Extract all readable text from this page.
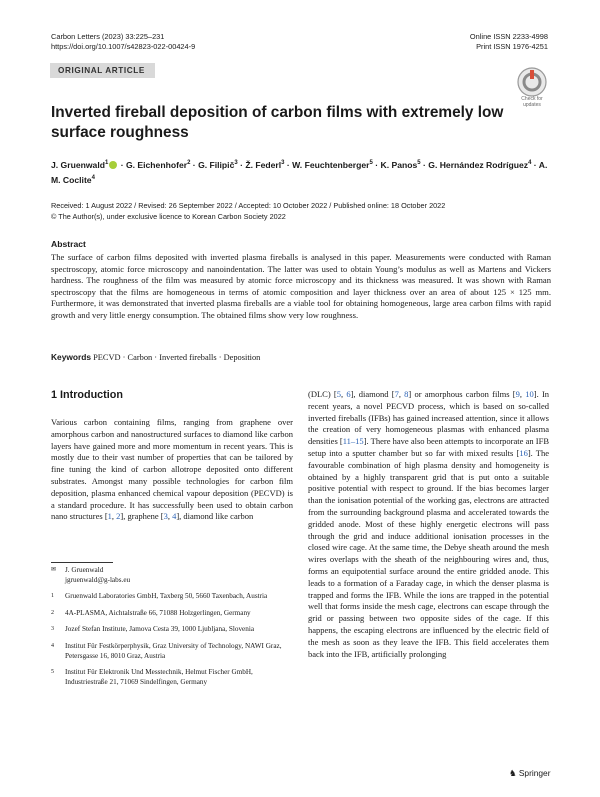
Carbon Letters (2023) 33:225–231
https://doi.org/10.1007/s42823-022-00424-9
Online ISSN 2233-4998
Print ISSN 1976-4251
ORIGINAL ARTICLE
Check for updates
Inverted fireball deposition of carbon films with extremely low surface roughness
J. Gruenwald$^1$ · G. Eichenhofer$^2$ · G. Filipič$^3$ · Ž. Federl$^3$ · W. Feuchtenberger$^5$ · K. Panos$^5$ · G. Hernández Rodríguez$^4$ · A. M. Coclite$^4$
Received: 1 August 2022 / Revised: 26 September 2022 / Accepted: 10 October 2022 / Published online: 18 October 2022
© The Author(s), under exclusive licence to Korean Carbon Society 2022
Abstract
The surface of carbon films deposited with inverted plasma fireballs is analysed in this paper. Measurements were conducted with Raman spectroscopy, atomic force microscopy and nanoindentation. The latter was used to obtain Young’s modulus as well as Martens and Vickers hardness. The roughness of the film was measured by atomic force microscopy and its thickness was measured. It was shown with Raman spectroscopy that the films are homogeneous in terms of atomic composition and layer thickness over an area of about 125 × 125 mm. Furthermore, it was demonstrated that inverted plasma fireballs are a viable tool for obtaining homogeneous, large area carbon films with rapid growth and very little energy consumption. The obtained films show very low roughness.
Keywords PECVD · Carbon · Inverted fireballs · Deposition
1 Introduction
Various carbon containing films, ranging from graphene over amorphous carbon and nanostructured surfaces to diamond like carbon layers have gained more and more momentum in recent years. This is mostly due to their vast number of properties that can be tailored by fine tuning the kind of carbon allotrope deposited onto different substrates. Amongst many possible technologies for carbon film deposition, plasma enhanced chemical vapour deposition (PECVD) is a standard procedure. It has successfully been used to obtain carbon nano structures [1, 2], graphene [3, 4], diamond like carbon
(DLC) [5, 6], diamond [7, 8] or amorphous carbon films [9, 10]. In recent years, a novel PECVD process, which is based on so-called inverted fireballs (IFBs) has gained increased attention, since it allows the creation of very homogeneous plasmas with enhanced plasma densities [11–15]. There have also been attempts to incorporate an IFB setup into a sputter chamber but so far with mixed results [16]. The favourable combination of high plasma density and homogeneity is obtained by a highly transparent grid that is put onto a suitable positive potential with respect to ground. If the bias becomes larger than the ionisation potential of the working gas, electrons are attracted from the surrounding background plasma and accelerated towards the gridded anode. Most of these highly energetic electrons will pass through the grid and induce additional ionisation processes in the closed wire cage. At the same time, the Debye sheath around the mesh wires overlaps with the sheath of the neighbouring wires and, thus, forms an equipotential surface around the entire gridded anode. This leads to a formation of a Faraday cage, in which the denser plasma is trapped and forms the IFB. While the ions are trapped in the potential well that forms inside the mesh cage, electrons can escape through the grid or passing between two opposite sides of the cage. If this happens, the escaping electrons are influenced by the electric field of the mesh as soon as they leave the IFB. This field accelerates them back into the IFB, artificially prolonging
✉ J. Gruenwald
jgruenwald@g-labs.eu
1 Gruenwald Laboratories GmbH, Taxberg 50, 5660 Taxenbach, Austria
2 4A-PLASMA, Aichtalstraße 66, 71088 Holzgerlingen, Germany
3 Jozef Stefan Institute, Jamova Cesta 39, 1000 Ljubljana, Slovenia
4 Institut Für Festkörperphysik, Graz University of Technology, NAWI Graz, Petersgasse 16, 8010 Graz, Austria
5 Institut Für Elektronik Und Messtechnik, Helmut Fischer GmbH, Industriestraße 21, 71069 Sindelfingen, Germany
♞ Springer
